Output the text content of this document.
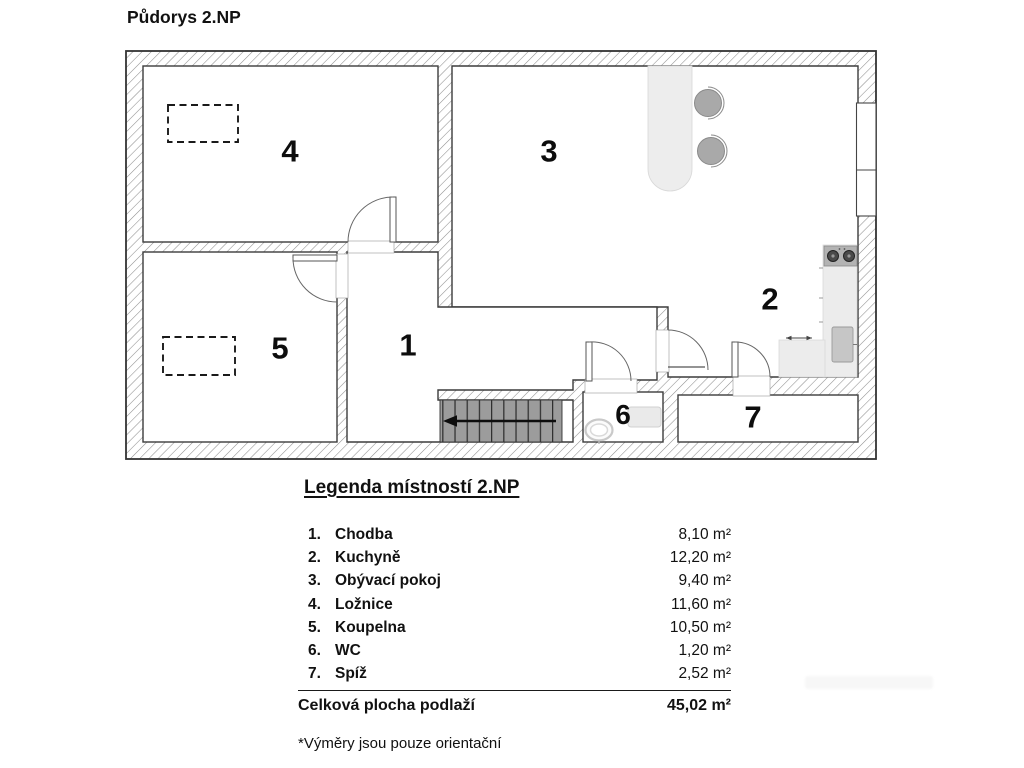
Půdorys 2.NP
1
2
3
4
5
6	7
Legenda místností 2.NP
1. Chodba	8,10 m²
2. Kuchyně	12,20 m²
3. Obývací pokoj	9,40 m²
4. Ložnice	11,60 m²
5. Koupelna	10,50 m²
6. WC	1,20 m²
7. Spíž	2,52 m²
Celková plocha podlaží	45,02 m²
*Výměry jsou pouze orientační
